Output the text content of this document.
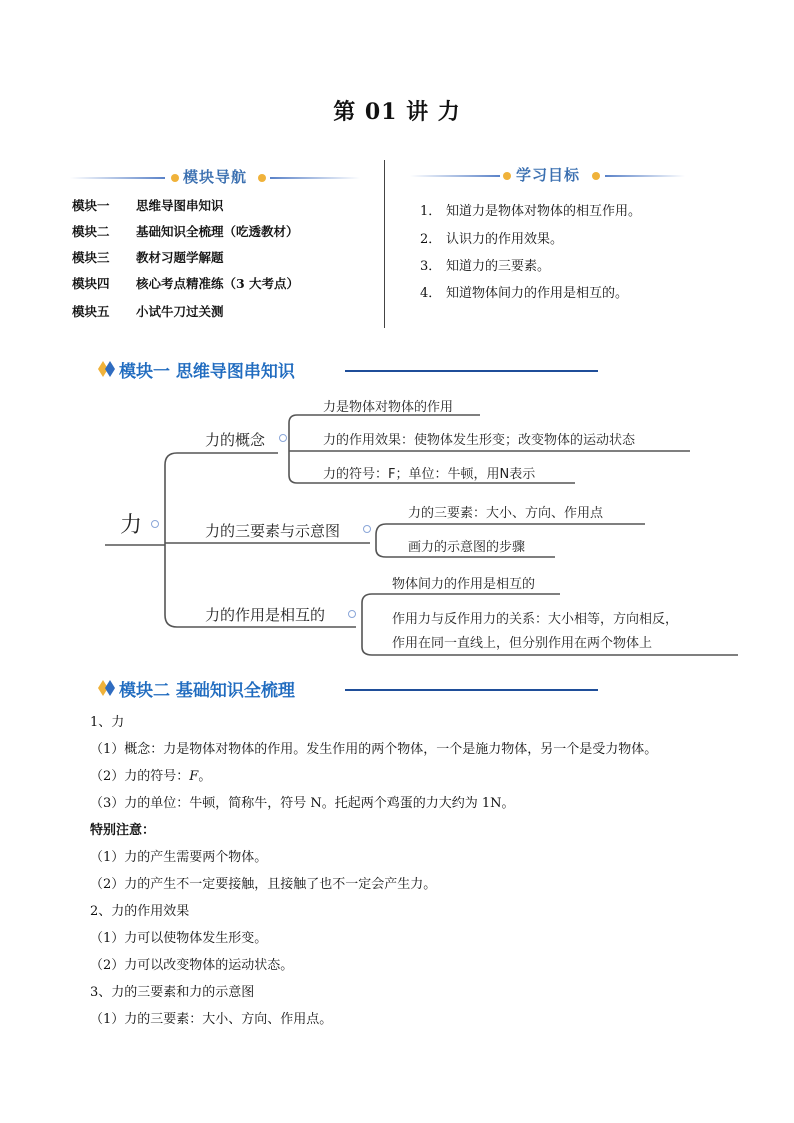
第 01 讲 力
模块导航
模块一 思维导图串知识
模块二 基础知识全梳理（吃透教材）
模块三 教材习题学解题
模块四 核心考点精准练（3 大考点）
模块五 小试牛刀过关测
学习目标
1． 知道力是物体对物体的相互作用。
2． 认识力的作用效果。
3． 知道力的三要素。
4． 知道物体间力的作用是相互的。
模块一 思维导图串知识
力
力的概念
力的三要素与示意图
力的作用是相互的
力是物体对物体的作用
力的作用效果：使物体发生形变；改变物体的运动状态
力的符号：F；单位：牛顿，用N表示
力的三要素：大小、方向、作用点
画力的示意图的步骤
物体间力的作用是相互的
作用力与反作用力的关系：大小相等，方向相反，
作用在同一直线上，但分别作用在两个物体上
模块二 基础知识全梳理
1、力
（1）概念：力是物体对物体的作用。发生作用的两个物体，一个是施力物体，另一个是受力物体。
（2）力的符号：F。
（3）力的单位：牛顿，简称牛，符号 N。托起两个鸡蛋的力大约为 1N。
特别注意：
（1）力的产生需要两个物体。
（2）力的产生不一定要接触，且接触了也不一定会产生力。
2、力的作用效果
（1）力可以使物体发生形变。
（2）力可以改变物体的运动状态。
3、力的三要素和力的示意图
（1）力的三要素：大小、方向、作用点。
